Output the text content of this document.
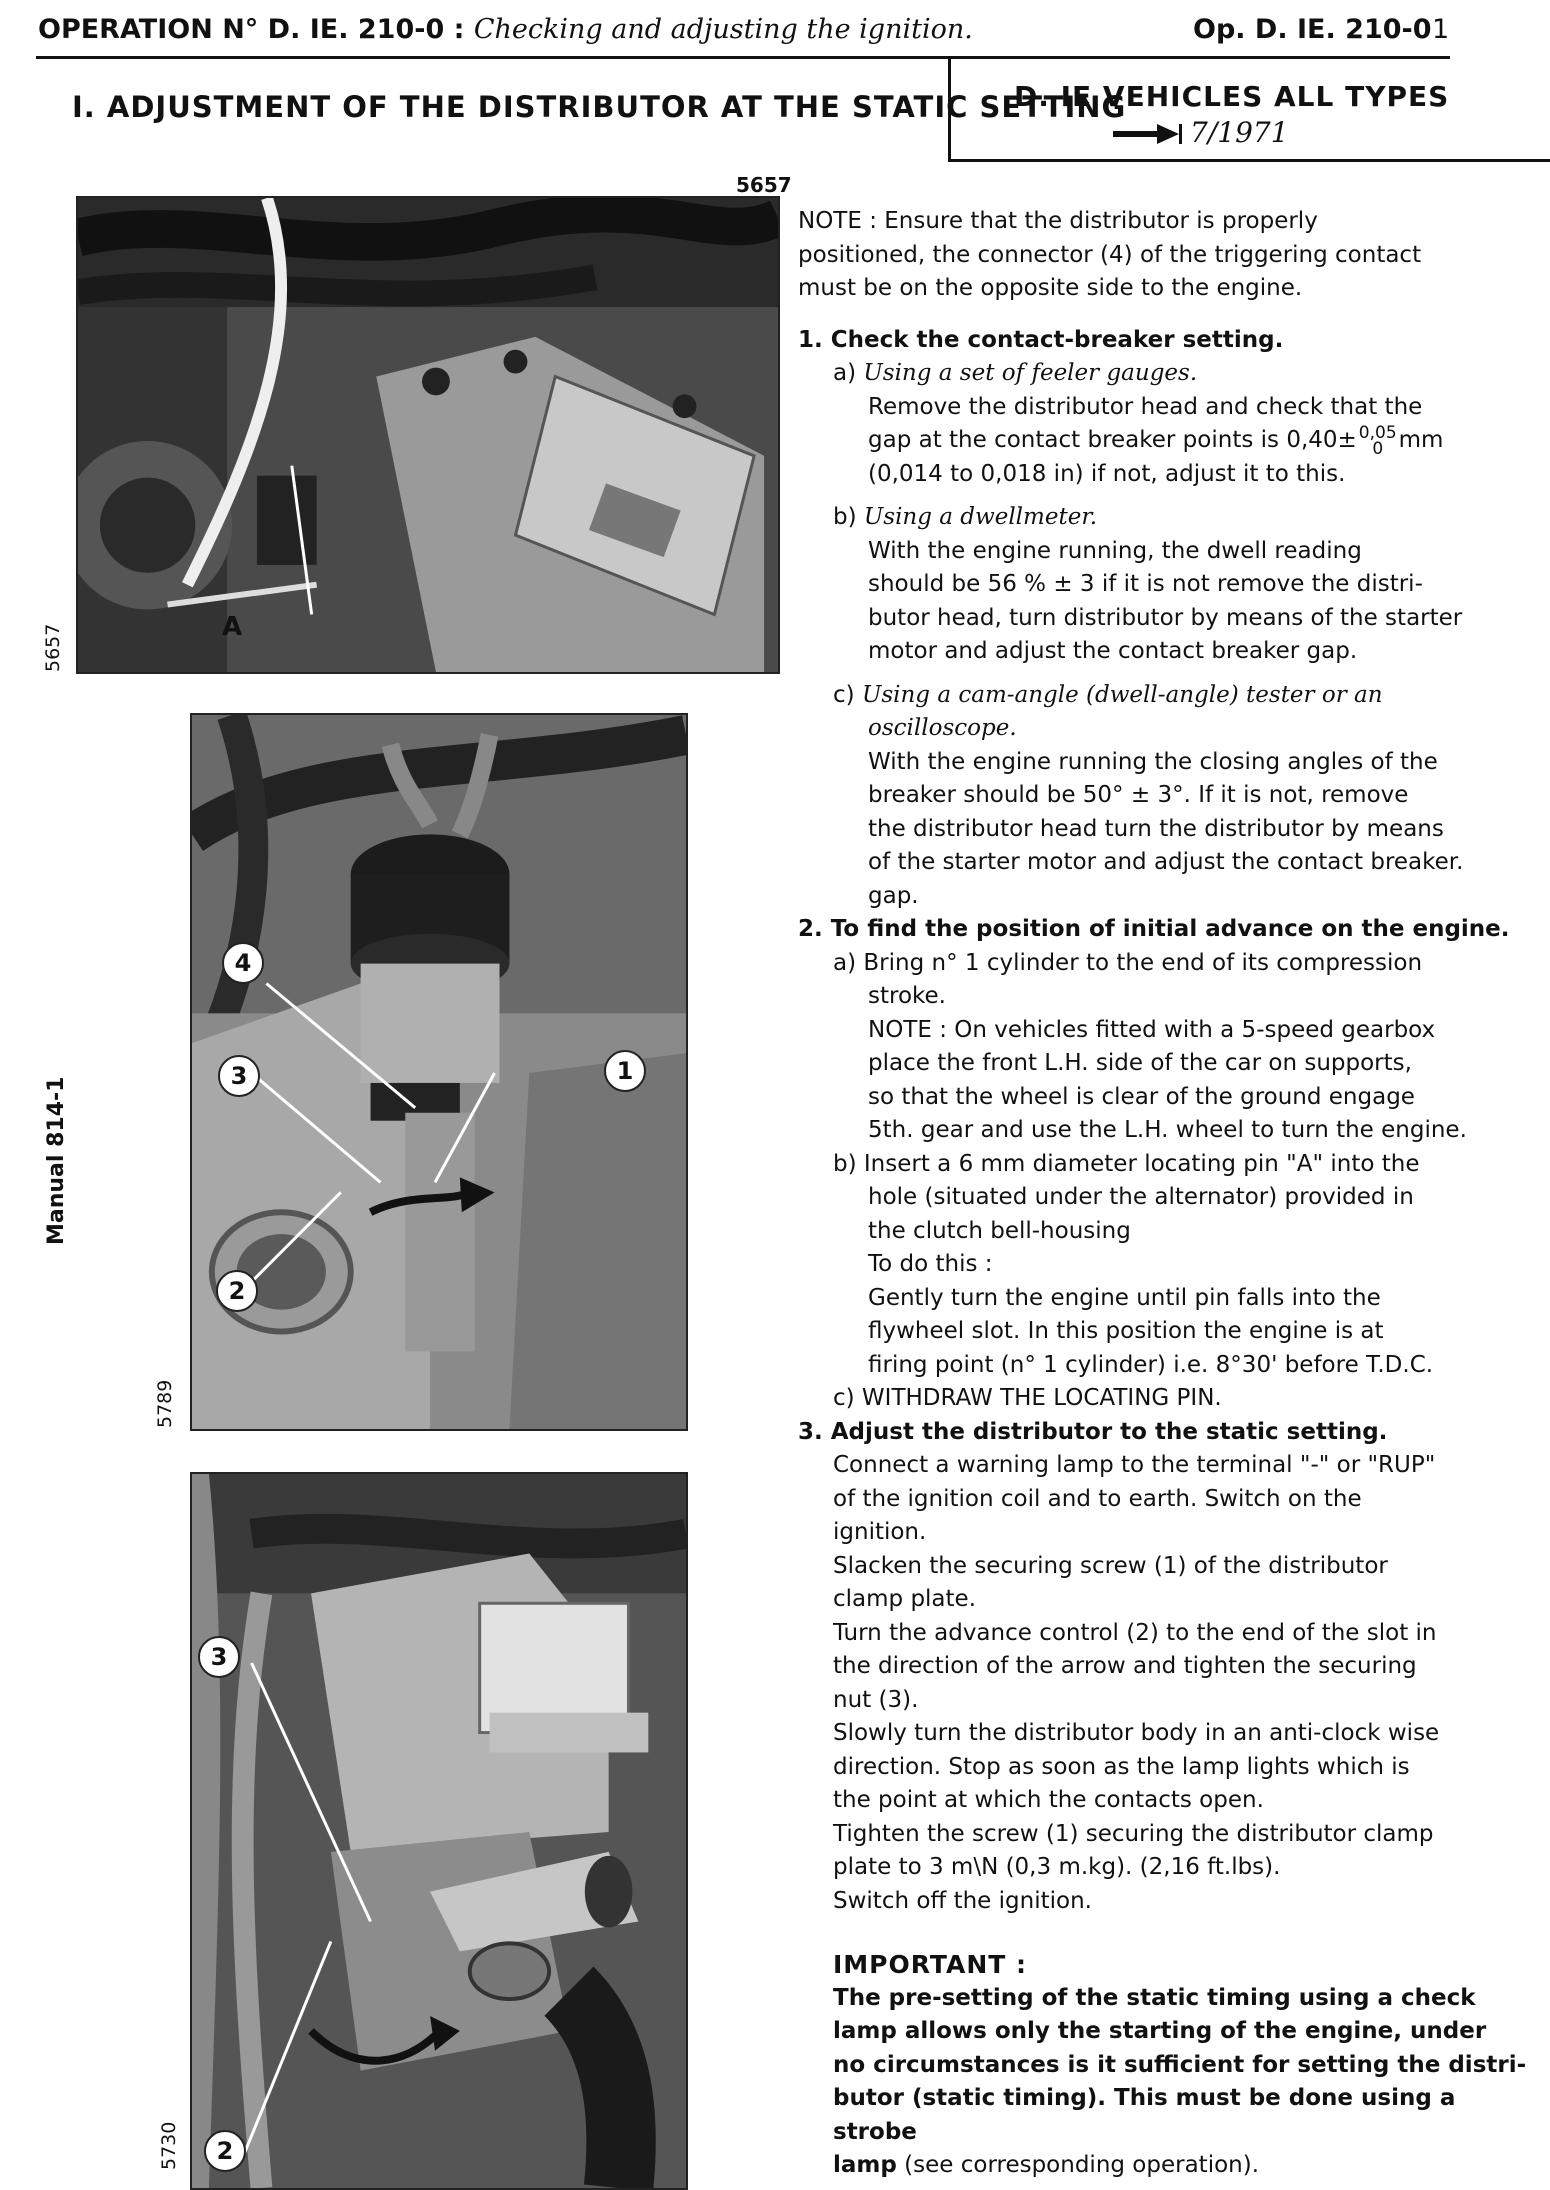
OPERATION N° D. IE. 210-0 : Checking and adjusting the ignition.	Op. D. IE. 210-0 1
I. ADJUSTMENT OF THE DISTRIBUTOR AT THE STATIC SETTING
D. IE VEHICLES ALL TYPES
7/1971
Manual 814-1
5657
A
5657
4
3	1
2
5789
3
2
5730

NOTE : Ensure that the distributor is properly

positioned, the connector (4) of the triggering contact

must be on the opposite side to the engine.

1. Check the contact-breaker setting.

a) Using a set of feeler gauges.

Remove the distributor head and check that the

gap at the contact breaker points is 0,40± 0,05
0 mm

(0,014 to 0,018 in) if not, adjust it to this.

b) Using a dwellmeter.

With the engine running, the dwell reading

should be 56 % ± 3 if it is not remove the distri-

butor head, turn distributor by means of the starter

motor and adjust the contact breaker gap.

c) Using a cam-angle (dwell-angle) tester or an

oscilloscope.

With the engine running the closing angles of the

breaker should be 50° ± 3°. If it is not, remove

the distributor head turn the distributor by means

of the starter motor and adjust the contact breaker.

gap.

2. To find the position of initial advance on the engine.

a) Bring n° 1 cylinder to the end of its compression

stroke.

NOTE : On vehicles fitted with a 5-speed gearbox

place the front L.H. side of the car on supports,

so that the wheel is clear of the ground engage

5th. gear and use the L.H. wheel to turn the engine.

b) Insert a 6 mm diameter locating pin "A" into the

hole (situated under the alternator) provided in

the clutch bell-housing

To do this :

Gently turn the engine until pin falls into the

flywheel slot. In this position the engine is at

firing point (n° 1 cylinder) i.e. 8°30' before T.D.C.

c) WITHDRAW THE LOCATING PIN.

3. Adjust the distributor to the static setting.

Connect a warning lamp to the terminal "-" or "RUP"

of the ignition coil and to earth. Switch on the

ignition.

Slacken the securing screw (1) of the distributor

clamp plate.

Turn the advance control (2) to the end of the slot in

the direction of the arrow and tighten the securing

nut (3).

Slowly turn the distributor body in an anti-clock wise

direction. Stop as soon as the lamp lights which is

the point at which the contacts open.

Tighten the screw (1) securing the distributor clamp

plate to 3 m\N (0,3 m.kg). (2,16 ft.lbs).

Switch off the ignition.

IMPORTANT :

The pre-setting of the static timing using a check

lamp allows only the starting of the engine, under

no circumstances is it sufficient for setting the distri-

butor (static timing). This must be done using a strobe

lamp (see corresponding operation).
